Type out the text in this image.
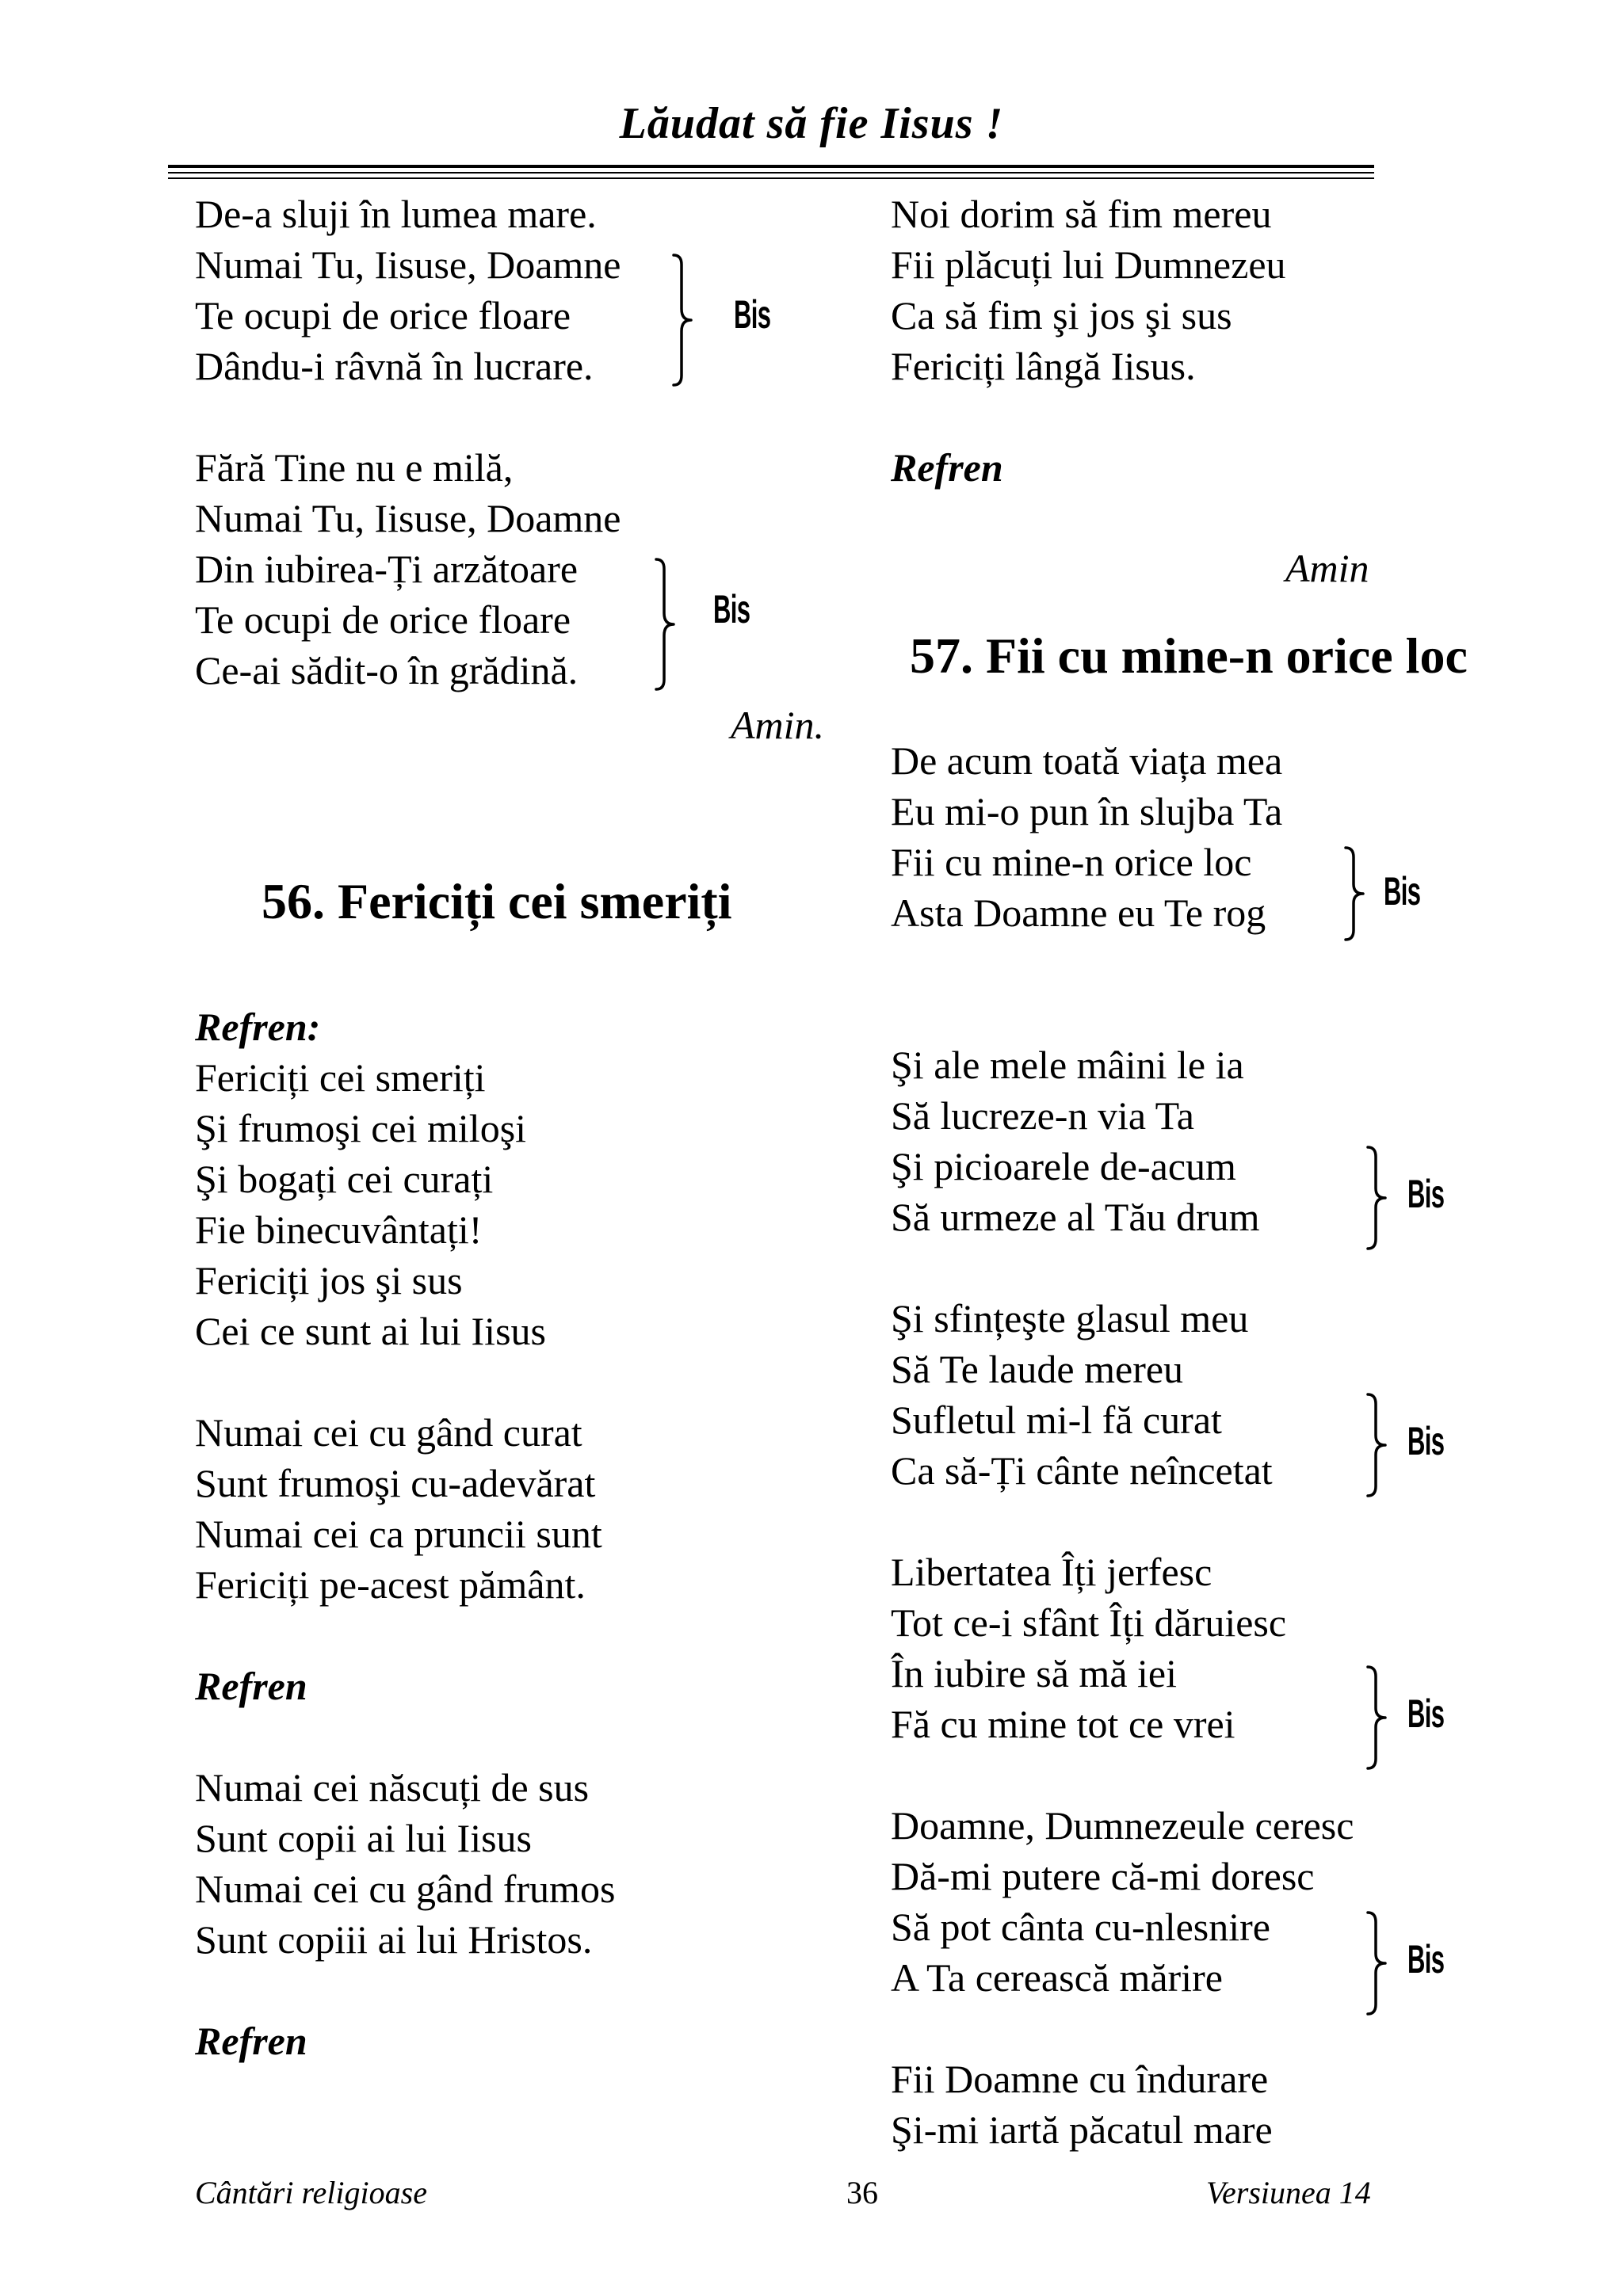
Lăudat să fie Iisus !
De-a sluji în lumea mare.
Numai Tu, Iisuse, Doamne
Te ocupi de orice floare
Dându-i râvnă în lucrare.
Bis
Fără Tine nu e milă,
Numai Tu, Iisuse, Doamne
Din iubirea-Ți arzătoare
Te ocupi de orice floare
Ce-ai sădit-o în grădină.
Bis
Amin.
56. Fericiți cei smeriți
Refren:
Fericiți cei smeriți
Şi frumoşi cei miloşi
Şi bogați cei curați
Fie binecuvântați!
Fericiți jos şi sus
Cei ce sunt ai lui Iisus
Numai cei cu gând curat
Sunt frumoşi cu-adevărat
Numai cei ca pruncii sunt
Fericiți pe-acest pământ.
Refren
Numai cei născuți de sus
Sunt copii ai lui Iisus
Numai cei cu gând frumos
Sunt copiii ai lui Hristos.
Refren
Noi dorim să fim mereu
Fii plăcuți lui Dumnezeu
Ca să fim şi jos şi sus
Fericiți lângă Iisus.
Refren
Amin
57. Fii cu mine-n orice loc
De acum toată viața mea
Eu mi-o pun în slujba Ta
Fii cu mine-n orice loc
Asta Doamne eu Te rog	Bis
Şi ale mele mâini le ia
Să lucreze-n via Ta
Şi picioarele de-acum
Să urmeze al Tău drum
Bis
Şi sfințeşte glasul meu
Să Te laude mereu
Sufletul mi-l fă curat
Ca să-Ți cânte neîncetat
Bis
Libertatea Îți jerfesc
Tot ce-i sfânt Îți dăruiesc
În iubire să mă iei
Fă cu mine tot ce vrei	Bis
Doamne, Dumnezeule ceresc
Dă-mi putere că-mi doresc
Să pot cânta cu-nlesnire
A Ta cerească mărire	Bis
Fii Doamne cu îndurare
Şi-mi iartă păcatul mare
Cântări religioase	36	Versiunea 14
